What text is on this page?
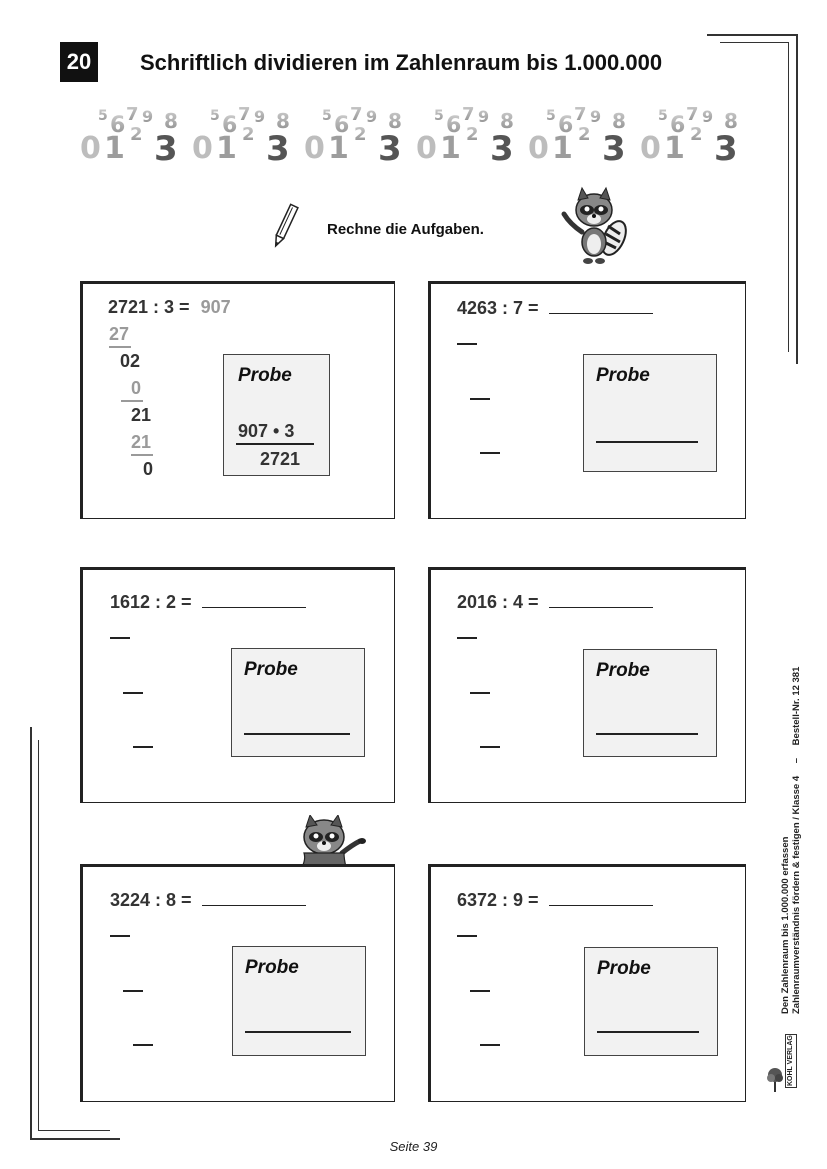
20	Schriftlich dividieren im Zahlenraum bis 1.000.000
5 6 7 9
2
8
0 1 3
Rechne die Aufgaben.
2721 : 3 = 907
27
02
0
21
21
0
Probe
907 • 3
2721
4263 : 7 =
Probe
1612 : 2 =
Probe
2016 : 4 =
Probe
3224 : 8 =
Probe
6372 : 9 =
Probe	Den Zahlenraum bis 1.000.000 erfassen Zahlenraumverständnis fördern & festigen / Klasse 4 – Bestell-Nr. 12 381
KOHL VERLAG
Seite 39
